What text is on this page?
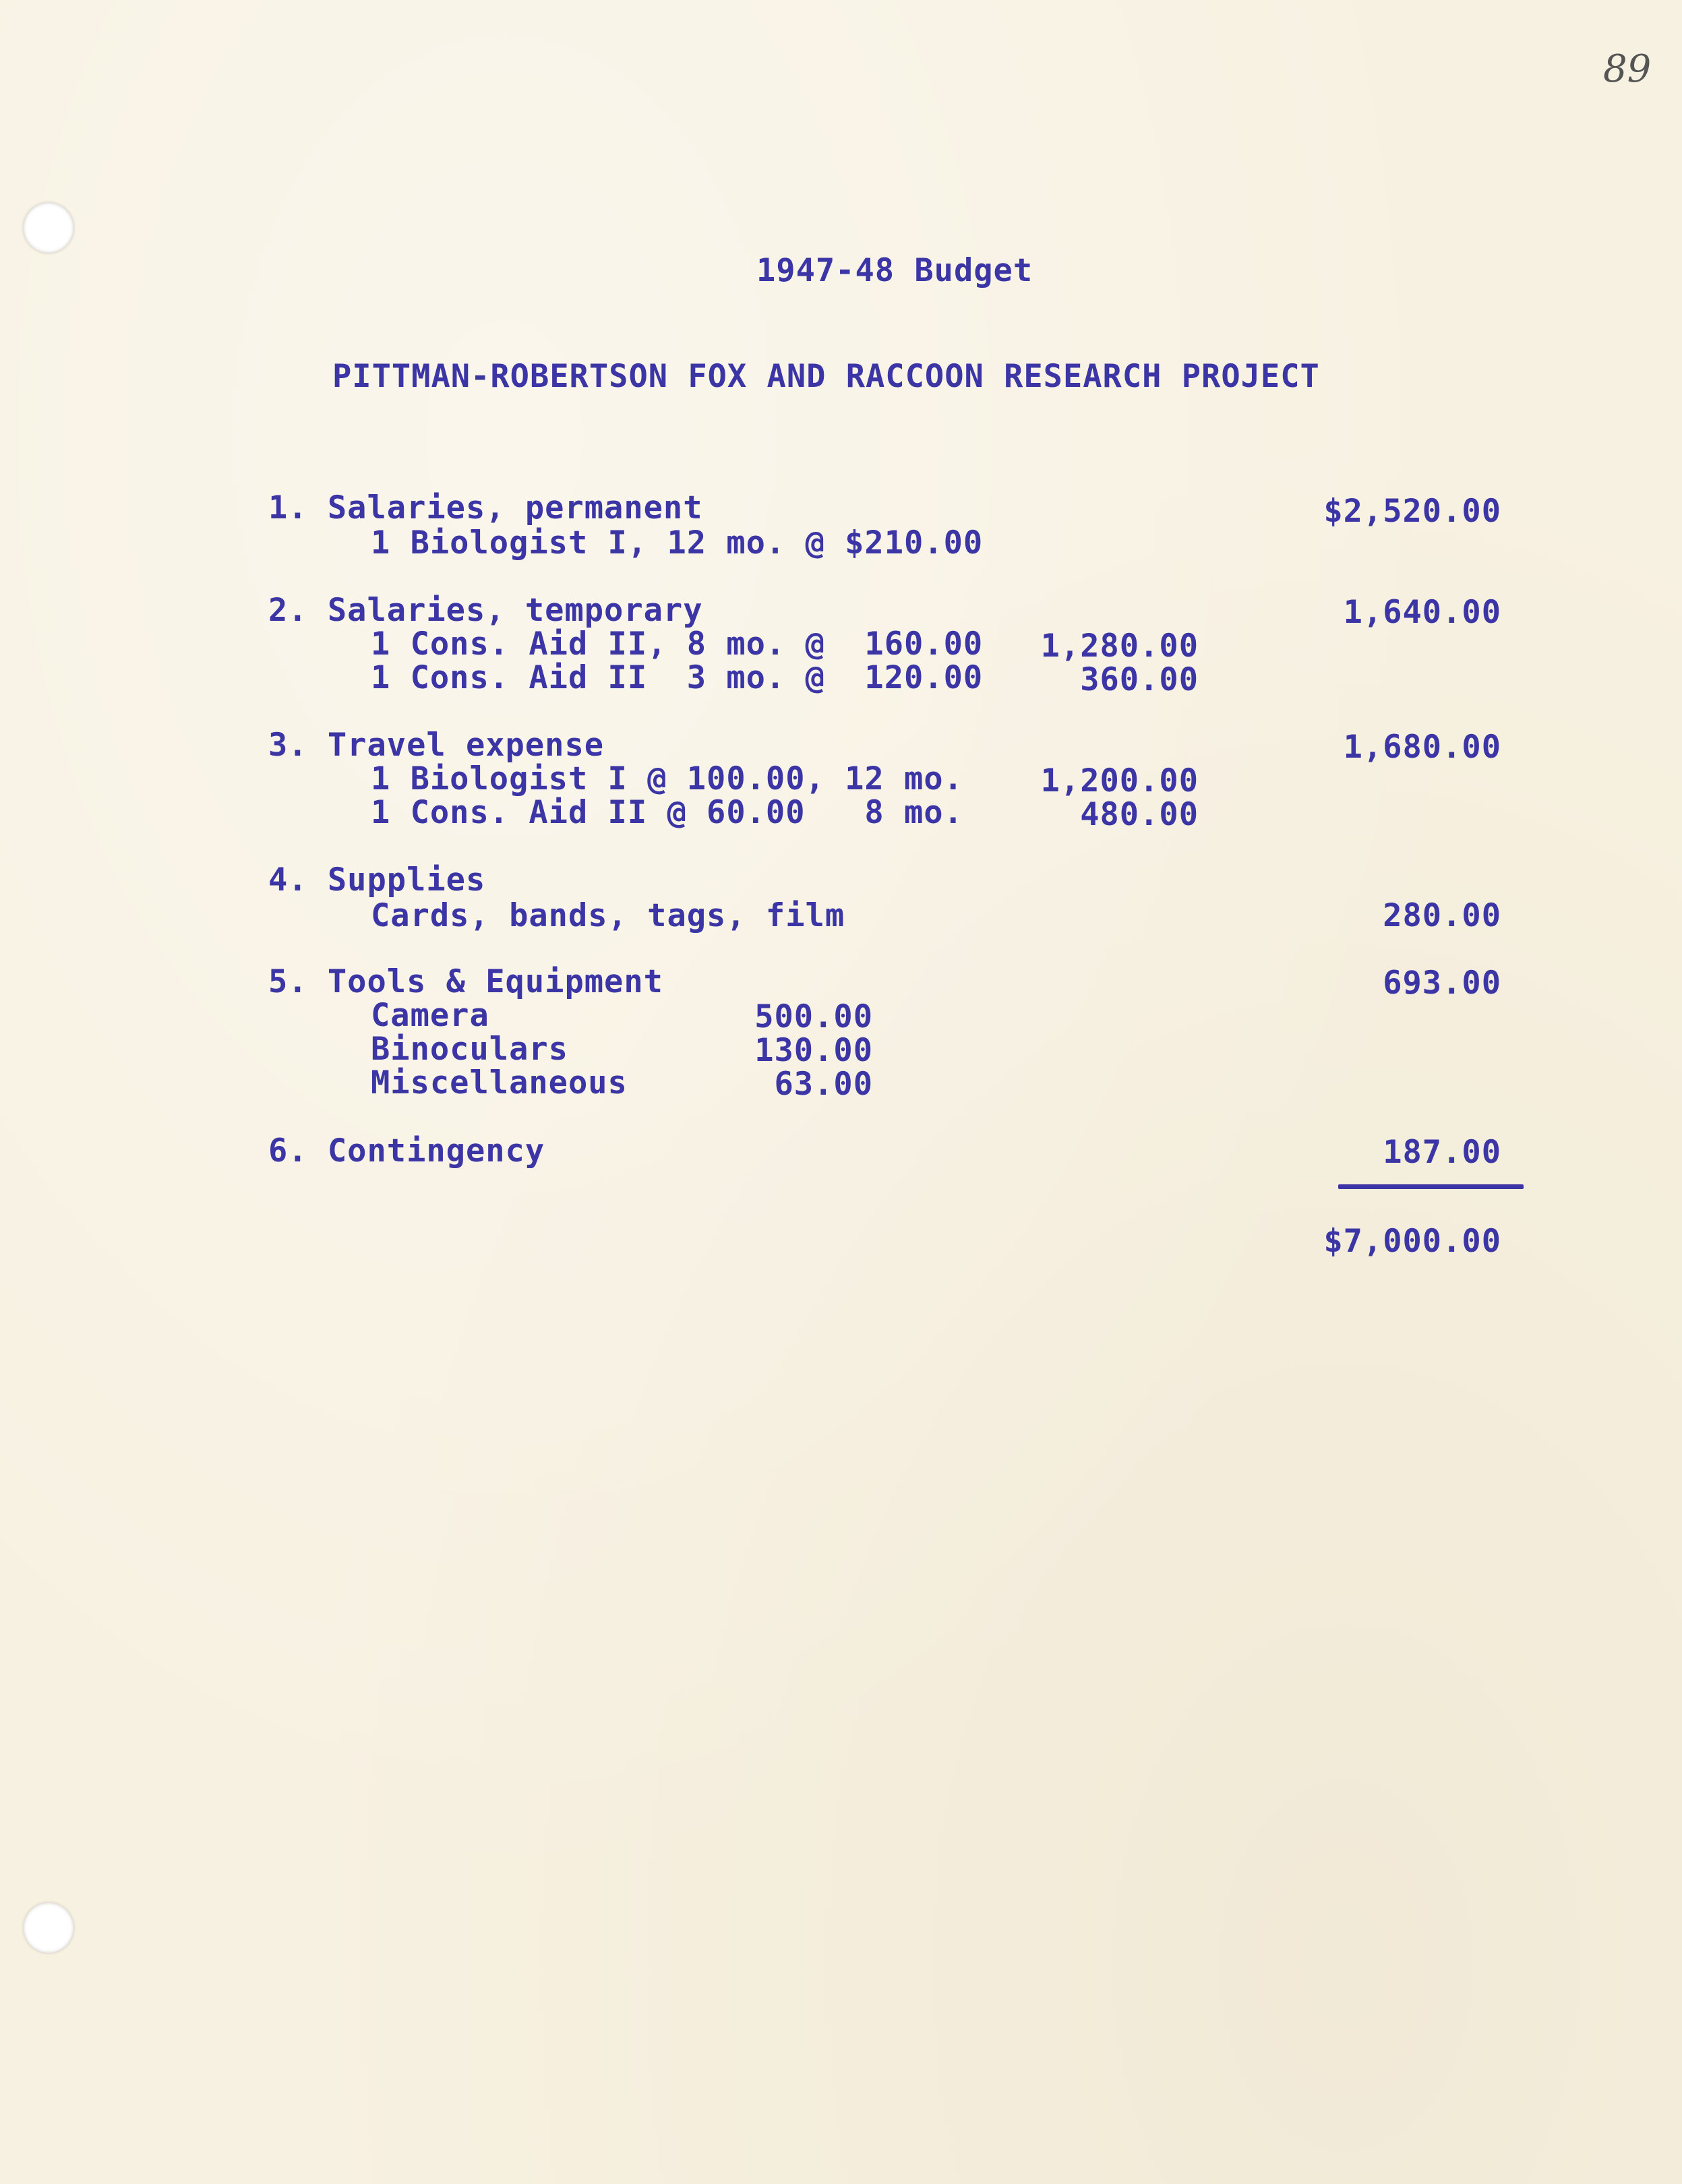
89
1947-48 Budget
PITTMAN-ROBERTSON FOX AND RACCOON RESEARCH PROJECT
1. Salaries, permanent	$2,520.00
1 Biologist I, 12 mo. @ $210.00
2. Salaries, temporary	1,640.00
1 Cons. Aid II, 8 mo. @  160.00 1,280.00
1 Cons. Aid II  3 mo. @  120.00	360.00
3. Travel expense	1,680.00
1 Biologist I @ 100.00, 12 mo. 1,200.00
1 Cons. Aid II @ 60.00   8 mo.	480.00
4. Supplies
Cards, bands, tags, film	280.00
5. Tools & Equipment	693.00
Camera	500.00
Binoculars	130.00
Miscellaneous	63.00
6. Contingency	187.00
$7,000.00
